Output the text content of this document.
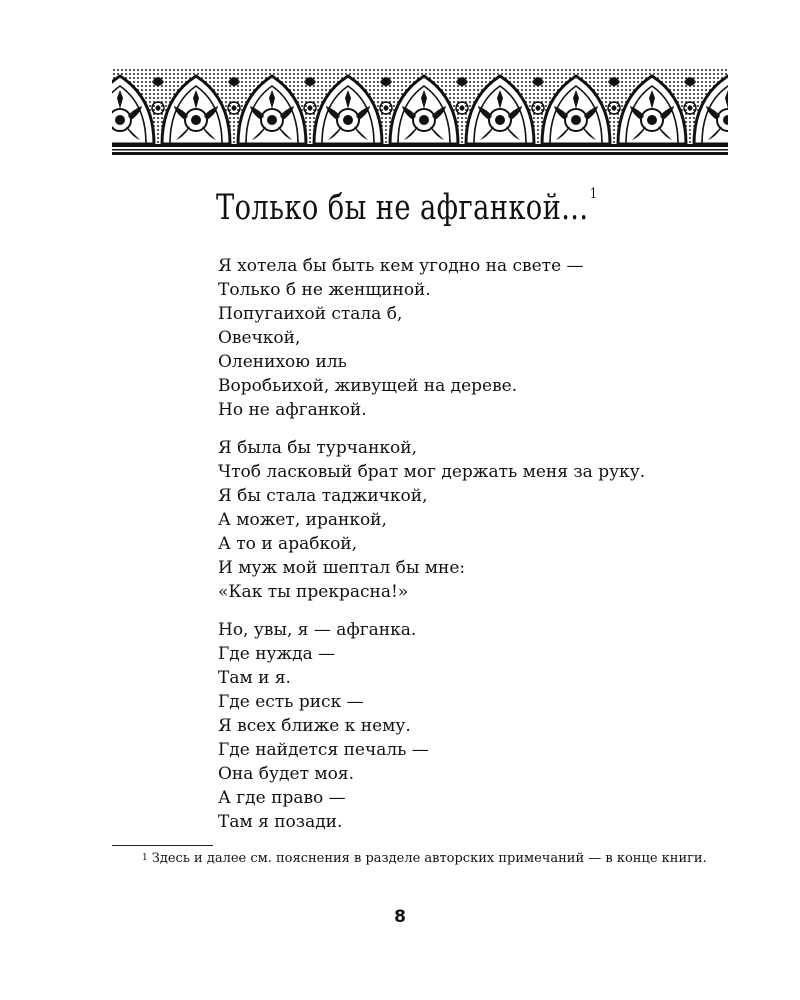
Только бы не афганкой... $^1$
Я хотела бы быть кем угодно на свете —
Только б не женщиной.
Попугаихой стала б,
Овечкой,
Оленихою иль
Воробьихой, живущей на дереве.
Но не афганкой.
Я была бы турчанкой,
Чтоб ласковый брат мог держать меня за руку.
Я бы стала таджичкой,
А может, иранкой,
А то и арабкой,
И муж мой шептал бы мне:
«Как ты прекрасна!»
Но, увы, я — афганка.
Где нужда —
Там и я.
Где есть риск —
Я всех ближе к нему.
Где найдется печаль —
Она будет моя.
А где право —
Там я позади.
$^1$ Здесь и далее см. пояснения в разделе авторских примечаний — в конце книги.
8
